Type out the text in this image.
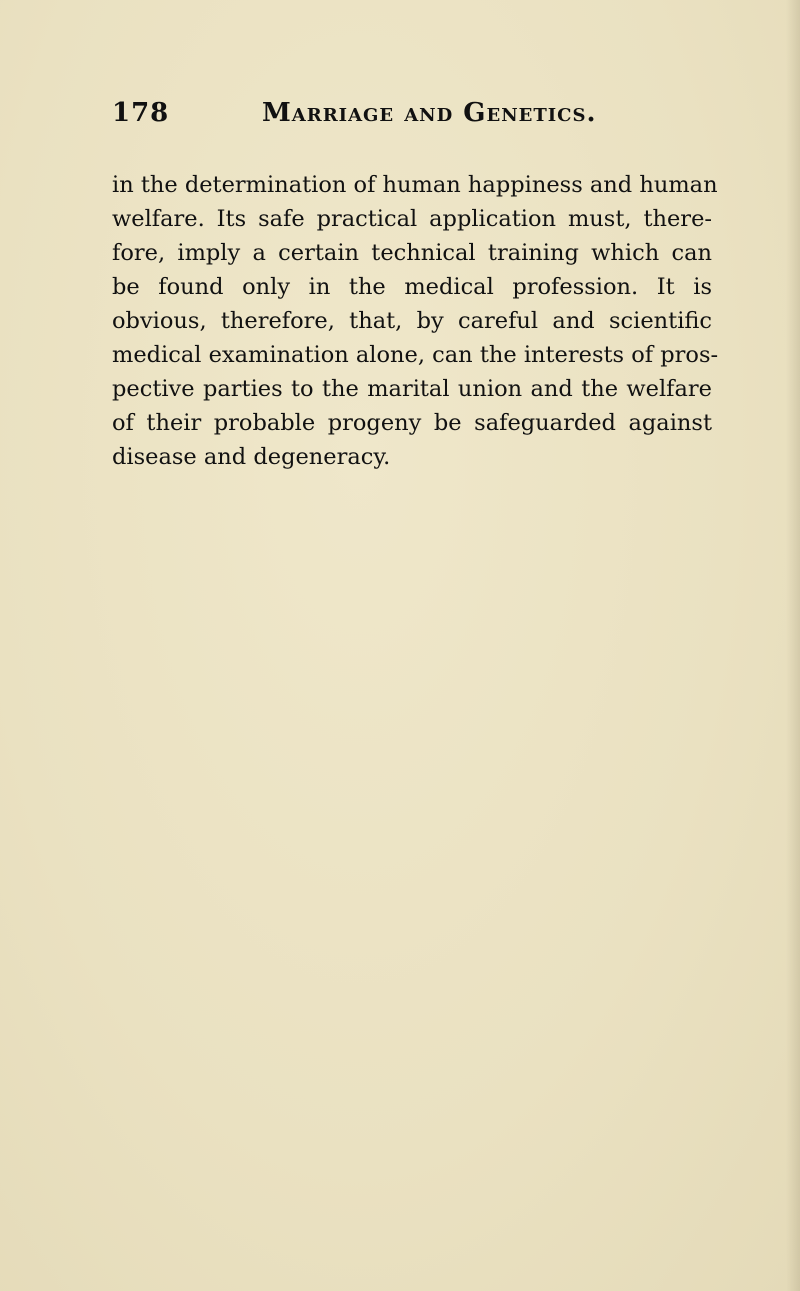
178	Marriage and Genetics.
in the determination of human happiness and human
welfare. Its safe practical application must, there-
fore, imply a certain technical training which can
be found only in the medical profession. It is
obvious, therefore, that, by careful and scientific
medical examination alone, can the interests of pros-
pective parties to the marital union and the welfare
of their probable progeny be safeguarded against
disease and degeneracy.
